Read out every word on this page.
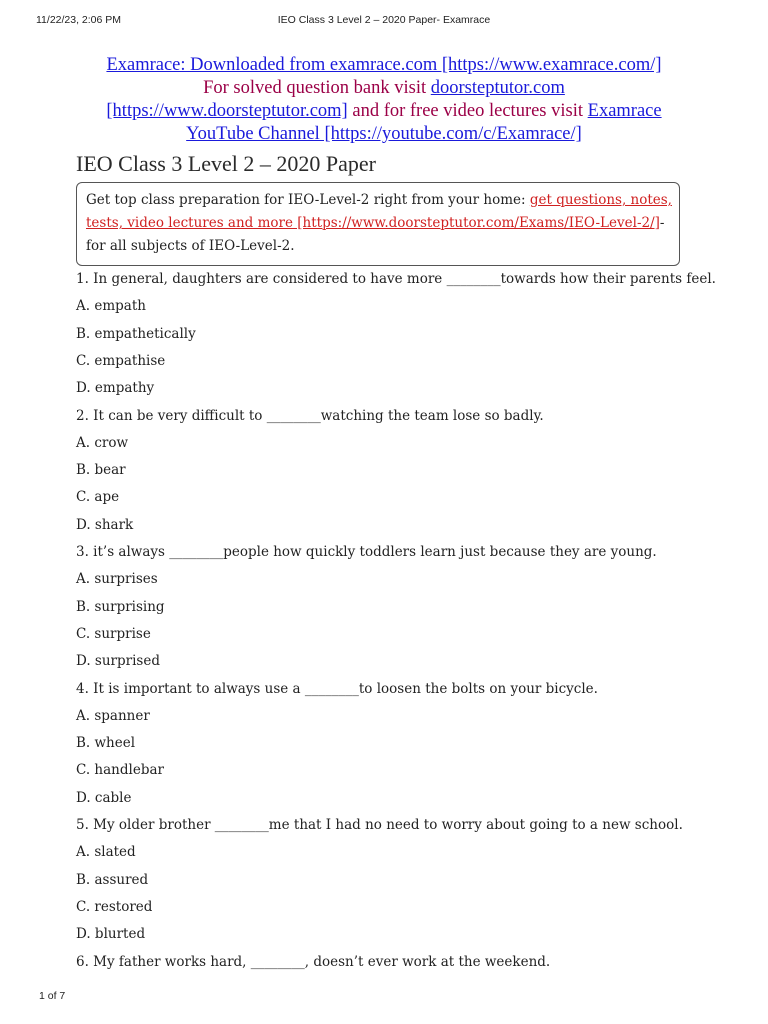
11/22/23, 2:06 PM	IEO Class 3 Level 2 – 2020 Paper- Examrace
Examrace: Downloaded from examrace.com [https://www.examrace.com/]
For solved question bank visit doorsteptutor.com
[https://www.doorsteptutor.com] and for free video lectures visit Examrace
YouTube Channel [https://youtube.com/c/Examrace/]
IEO Class 3 Level 2 – 2020 Paper
Get top class preparation for IEO-Level-2 right from your home: get questions, notes,
tests, video lectures and more [https://www.doorsteptutor.com/Exams/IEO-Level-2/]-
for all subjects of IEO-Level-2.
1. In general, daughters are considered to have more ________towards how their parents feel.
A. empath
B. empathetically
C. empathise
D. empathy
2. It can be very difficult to ________watching the team lose so badly.
A. crow
B. bear
C. ape
D. shark
3. it’s always ________people how quickly toddlers learn just because they are young.
A. surprises
B. surprising
C. surprise
D. surprised
4. It is important to always use a ________to loosen the bolts on your bicycle.
A. spanner
B. wheel
C. handlebar
D. cable
5. My older brother ________me that I had no need to worry about going to a new school.
A. slated
B. assured
C. restored
D. blurted
6. My father works hard, ________, doesn’t ever work at the weekend.
1 of 7
